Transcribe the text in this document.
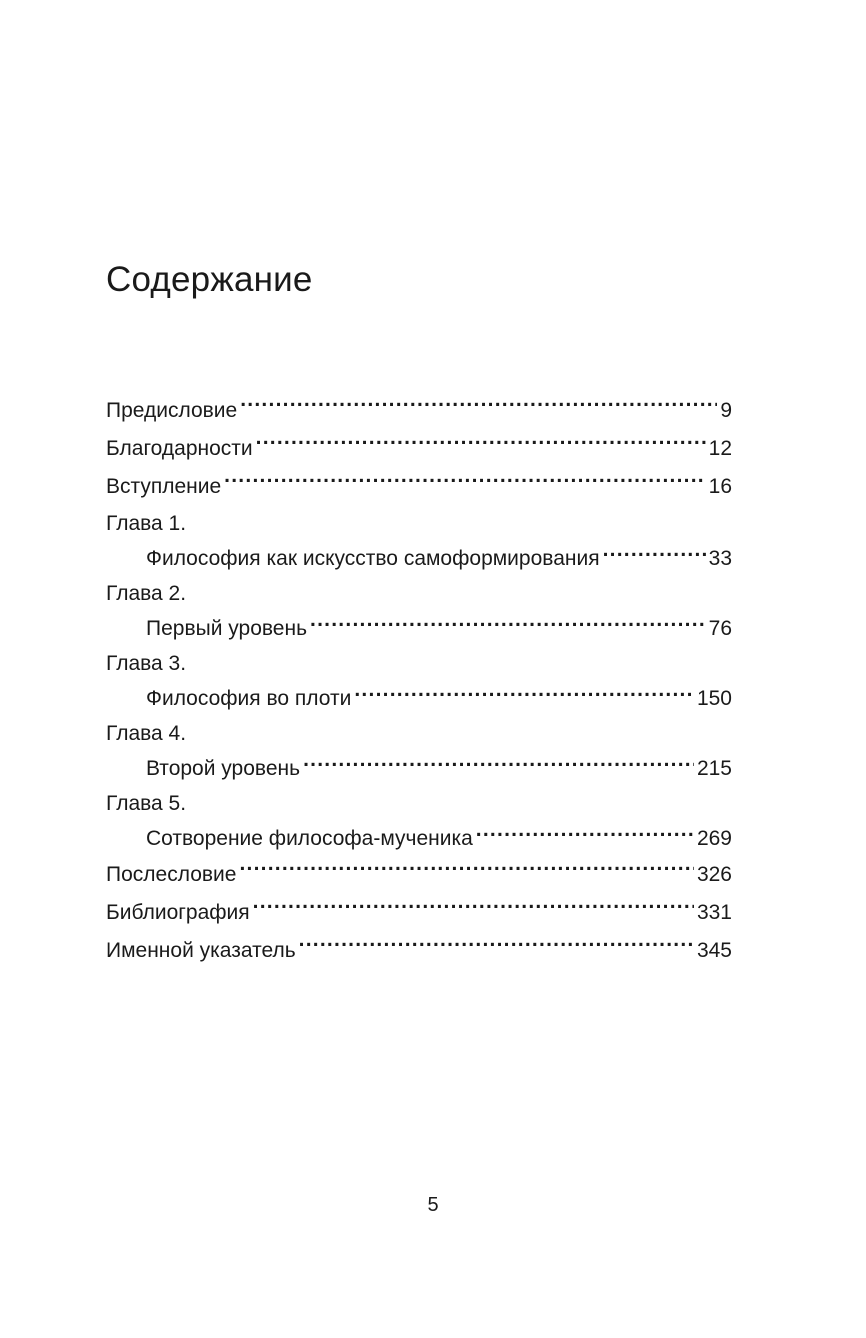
Содержание
Предисловие . . .	9
Благодарности . . .	12
Вступление . . .	16
Глава 1.
Философия как искусство самоформирования . . .	33
Глава 2.
Первый уровень . . .	76
Глава 3.
Философия во плоти . . .	150
Глава 4.
Второй уровень . . .	215
Глава 5.
Сотворение философа-мученика . . .	269
Послесловие . . .	326
Библиография . . .	331
Именной указатель . . .	345
5
